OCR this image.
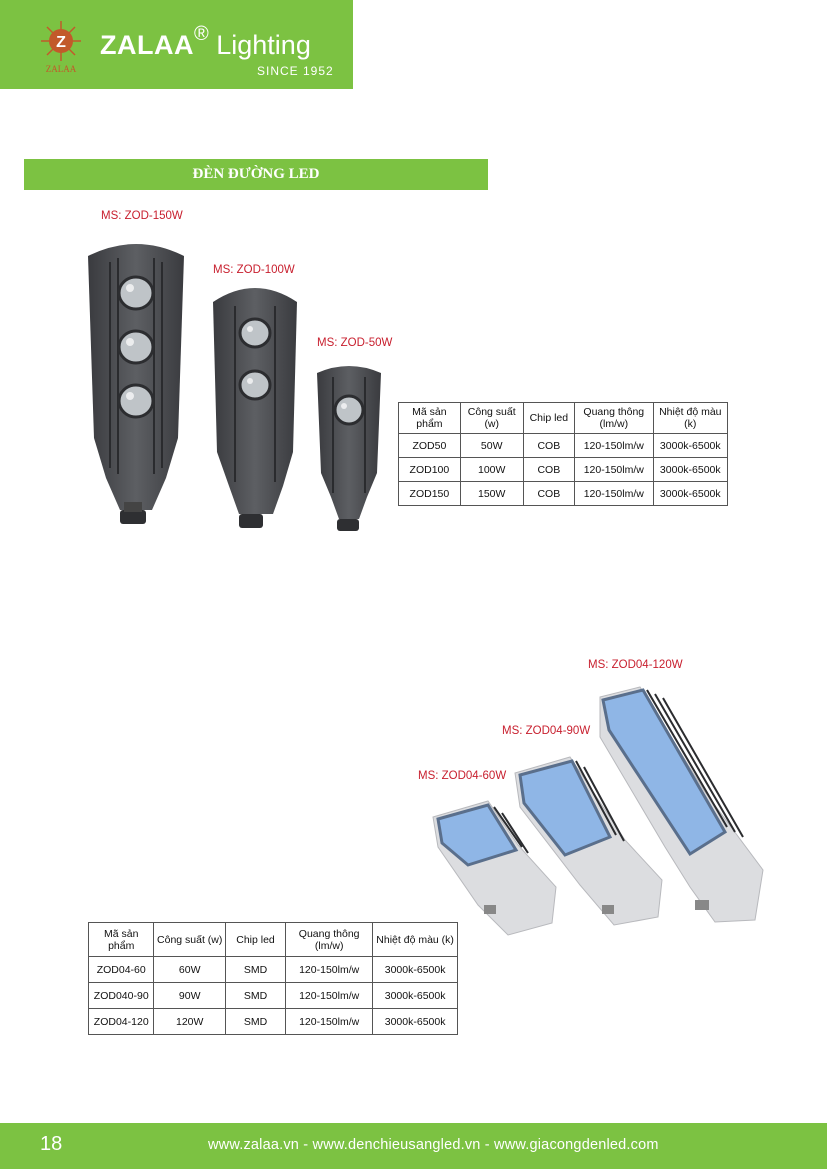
Z
ZALAA
ZALAA® Lighting
SINCE 1952
ĐÈN ĐƯỜNG LED
MS: ZOD-150W
MS: ZOD-100W
MS: ZOD-50W
Mã sản phẩm	Công suất (w)	Chip led	Quang thông (lm/w)	Nhiệt độ màu (k)
ZOD50	50W	COB	120-150lm/w	3000k-6500k
ZOD100	100W	COB	120-150lm/w	3000k-6500k
ZOD150	150W	COB	120-150lm/w	3000k-6500k
MS: ZOD04-120W
MS: ZOD04-90W
MS: ZOD04-60W
Mã sản phẩm	Công suất (w)	Chip led	Quang thông (lm/w)	Nhiệt độ màu (k)
ZOD04-60	60W	SMD	120-150lm/w	3000k-6500k
ZOD040-90	90W	SMD	120-150lm/w	3000k-6500k
ZOD04-120	120W	SMD	120-150lm/w	3000k-6500k
18	www.zalaa.vn - www.denchieusangled.vn - www.giacongdenled.com
